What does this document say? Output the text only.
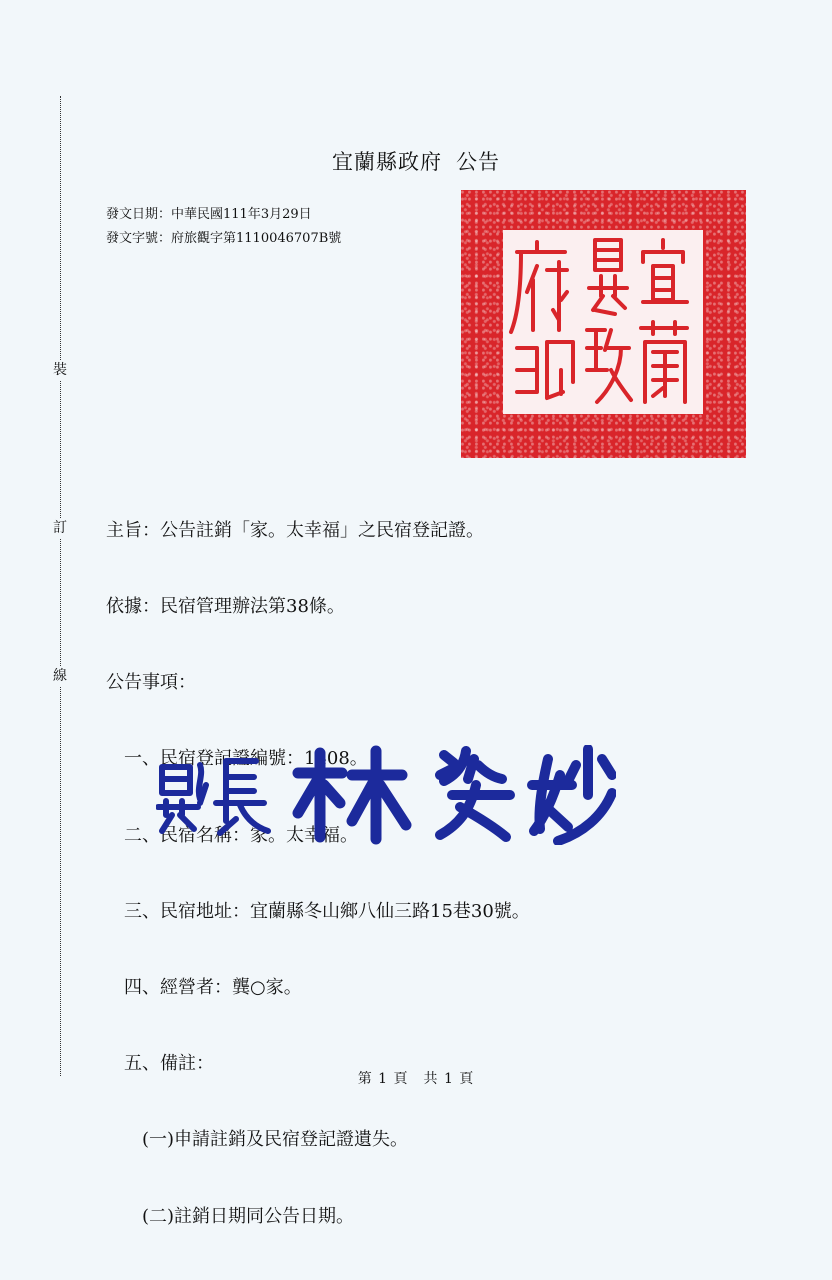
裝
訂
線
宜蘭縣政府 公告
發文日期：中華民國111年3月29日
發文字號：府旅觀字第1110046707B號

主旨：公告註銷「家。太幸福」之民宿登記證。

依據：民宿管理辦法第38條。

公告事項：

一、民宿登記證編號：1408。

二、民宿名稱：家。太幸福。

三、民宿地址：宜蘭縣冬山鄉八仙三路15巷30號。

四、經營者：龔○家。

五、備註：

(一)申請註銷及民宿登記證遺失。

(二)註銷日期同公告日期。

第 1 頁　共 1 頁
